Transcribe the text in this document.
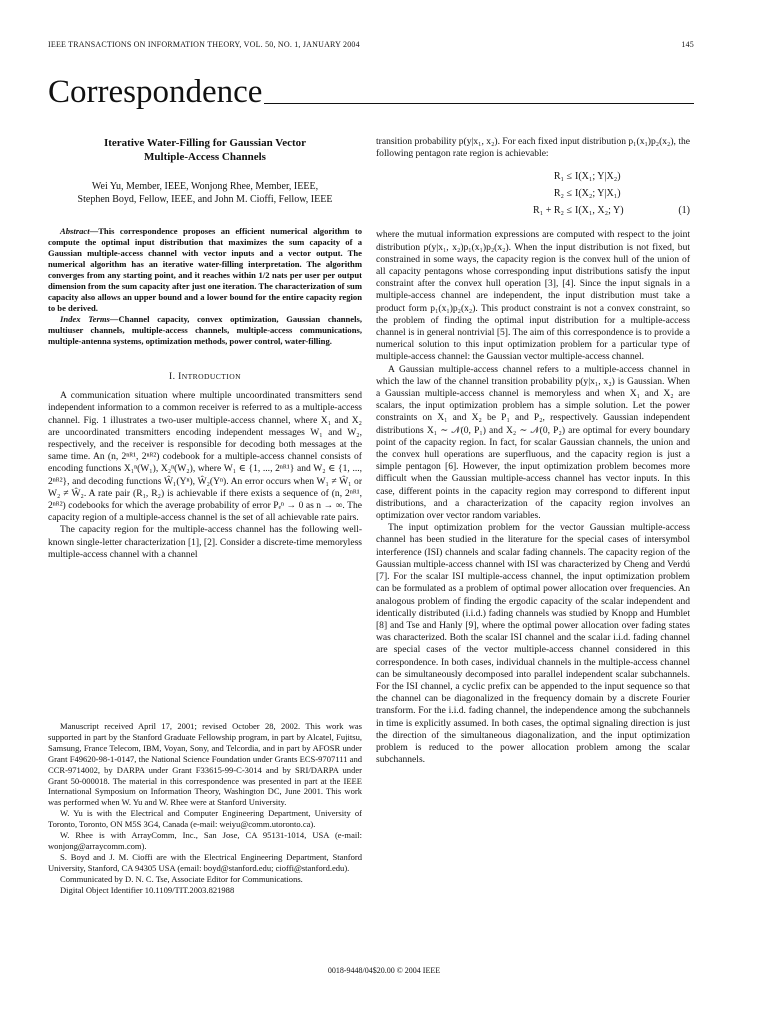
IEEE TRANSACTIONS ON INFORMATION THEORY, VOL. 50, NO. 1, JANUARY 2004	145
Correspondence
Iterative Water-Filling for Gaussian Vector
Multiple-Access Channels
Wei Yu, Member, IEEE, Wonjong Rhee, Member, IEEE,
Stephen Boyd, Fellow, IEEE, and John M. Cioffi, Fellow, IEEE

Abstract—This correspondence proposes an efficient numerical algorithm to compute the optimal input distribution that maximizes the sum capacity of a Gaussian multiple-access channel with vector inputs and a vector output. The numerical algorithm has an iterative water-filling interpretation. The algorithm converges from any starting point, and it reaches within 1/2 nats per user per output dimension from the sum capacity after just one iteration. The characterization of sum capacity also allows an upper bound and a lower bound for the entire capacity region to be derived.

Index Terms—Channel capacity, convex optimization, Gaussian channels, multiuser channels, multiple-access channels, multiple-access communications, multiple-antenna systems, optimization methods, power control, water-filling.

I. INTRODUCTION

A communication situation where multiple uncoordinated transmitters send independent information to a common receiver is referred to as a multiple-access channel. Fig. 1 illustrates a two-user multiple-access channel, where X₁ and X₂ are uncoordinated transmitters encoding independent messages W₁ and W₂, respectively, and the receiver is responsible for decoding both messages at the same time. An (n, 2ⁿᴿ¹, 2ⁿᴿ²) codebook for a multiple-access channel consists of encoding functions X₁ⁿ(W₁), X₂ⁿ(W₂), where W₁ ∈ {1, ..., 2ⁿᴿ¹} and W₂ ∈ {1, ..., 2ⁿᴿ²}, and decoding functions Ŵ₁(Yⁿ), Ŵ₂(Yⁿ). An error occurs when W₁ ≠ Ŵ₁ or W₂ ≠ Ŵ₂. A rate pair (R₁, R₂) is achievable if there exists a sequence of (n, 2ⁿᴿ¹, 2ⁿᴿ²) codebooks for which the average probability of error Pₑⁿ → 0 as n → ∞. The capacity region of a multiple-access channel is the set of all achievable rate pairs.

The capacity region for the multiple-access channel has the following well-known single-letter characterization [1], [2]. Consider a discrete-time memoryless multiple-access channel with a channel

Manuscript received April 17, 2001; revised October 28, 2002. This work was supported in part by the Stanford Graduate Fellowship program, in part by Alcatel, Fujitsu, Samsung, France Telecom, IBM, Voyan, Sony, and Telcordia, and in part by AFOSR under Grant F49620-98-1-0147, the National Science Foundation under Grants ECS-9707111 and CCR-9714002, by DARPA under Grant F33615-99-C-3014 and by SRI/DARPA under Grant 50-000018. The material in this correspondence was presented in part at the IEEE International Symposium on Information Theory, Washington DC, June 2001. This work was performed when W. Yu and W. Rhee were at Stanford University.

W. Yu is with the Electrical and Computer Engineering Department, University of Toronto, Toronto, ON M5S 3G4, Canada (e-mail: weiyu@comm.utoronto.ca).

W. Rhee is with ArrayComm, Inc., San Jose, CA 95131-1014, USA (e-mail: wonjong@arraycomm.com).

S. Boyd and J. M. Cioffi are with the Electrical Engineering Department, Stanford University, Stanford, CA 94305 USA (email: boyd@stanford.edu; cioffi@stanford.edu).

Communicated by D. N. C. Tse, Associate Editor for Communications.

Digital Object Identifier 10.1109/TIT.2003.821988

transition probability p(y|x₁, x₂). For each fixed input distribution p₁(x₁)p₂(x₂), the following pentagon rate region is achievable:

R₁ ≤ I(X₁; Y|X₂)
R₂ ≤ I(X₂; Y|X₁)
R₁ + R₂ ≤ I(X₁, X₂; Y)	(1)

where the mutual information expressions are computed with respect to the joint distribution p(y|x₁, x₂)p₁(x₁)p₂(x₂). When the input distribution is not fixed, but constrained in some ways, the capacity region is the convex hull of the union of all capacity pentagons whose corresponding input distributions satisfy the input constraint after the convex hull operation [3], [4]. Since the input signals in a multiple-access channel are independent, the input distribution must take a product form p₁(x₁)p₂(x₂). This product constraint is not a convex constraint, so the problem of finding the optimal input distribution for a multiple-access channel is in general nontrivial [5]. The aim of this correspondence is to provide a numerical solution to this input optimization problem for a particular type of multiple-access channel: the Gaussian vector multiple-access channel.

A Gaussian multiple-access channel refers to a multiple-access channel in which the law of the channel transition probability p(y|x₁, x₂) is Gaussian. When a Gaussian multiple-access channel is memoryless and when X₁ and X₂ are scalars, the input optimization problem has a simple solution. Let the power constraints on X₁ and X₂ be P₁ and P₂, respectively. Gaussian independent distributions X₁ ∼ 𝒩(0, P₁) and X₂ ∼ 𝒩(0, P₂) are optimal for every boundary point of the capacity region. In fact, for scalar Gaussian channels, the union and the convex hull operations are superfluous, and the capacity region is just a simple pentagon [6]. However, the input optimization problem becomes more difficult when the Gaussian multiple-access channel has vector inputs. In this case, different points in the capacity region may correspond to different input distributions, and a characterization of the capacity region involves an optimization over vector random variables.

The input optimization problem for the vector Gaussian multiple-access channel has been studied in the literature for the special cases of intersymbol interference (ISI) channels and scalar fading channels. The capacity region of the Gaussian multiple-access channel with ISI was characterized by Cheng and Verdú [7]. For the scalar ISI multiple-access channel, the input optimization problem can be formulated as a problem of optimal power allocation over frequencies. An analogous problem of finding the ergodic capacity of the scalar independent and identically distributed (i.i.d.) fading channels was studied by Knopp and Humblet [8] and Tse and Hanly [9], where the optimal power allocation over fading states was characterized. Both the scalar ISI channel and the scalar i.i.d. fading channel are special cases of the vector multiple-access channel considered in this correspondence. In both cases, individual channels in the multiple-access channel can be simultaneously decomposed into parallel independent scalar subchannels. For the ISI channel, a cyclic prefix can be appended to the input sequence so that the channel can be diagonalized in the frequency domain by a discrete Fourier transform. For the i.i.d. fading channel, the independence among the subchannels in time is explicitly assumed. In both cases, the optimal signaling direction is just the direction of the simultaneous diagonalization, and the input optimization problem is reduced to the power allocation problem among the scalar subchannels.

0018-9448/04$20.00 © 2004 IEEE
